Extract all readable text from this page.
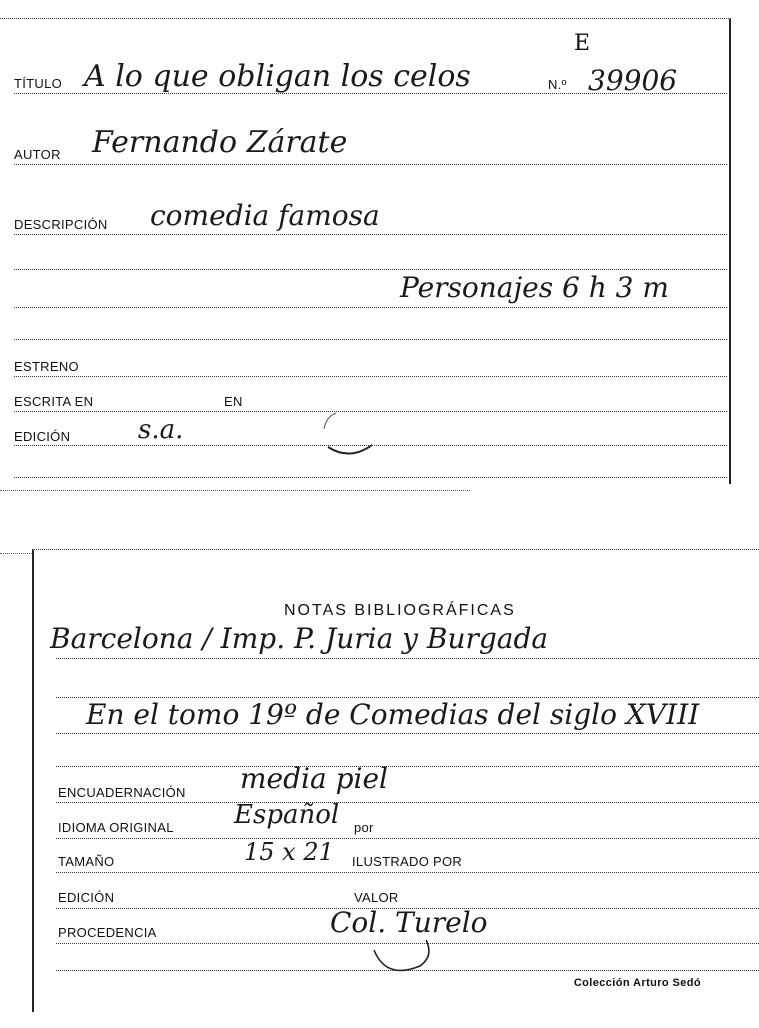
TÍTULO A lo que obligan los celos	N.º 39906
E
AUTOR Fernando Zárate
DESCRIPCIÓN comedia famosa
Personajes 6 h 3 m
ESTRENO
ESCRITA EN	EN
EDICIÓN	s.a.
NOTAS BIBLIOGRÁFICAS
Barcelona / Imp. P. Juria y Burgada
En el tomo 19º de Comedias del siglo XVIII
ENCUADERNACIÓN media piel
IDIOMA ORIGINAL Español por
TAMAÑO	15 x 21 ILUSTRADO POR
EDICIÓN	VALOR
PROCEDENCIA	Col. Turelo
Colección Arturo Sedó
